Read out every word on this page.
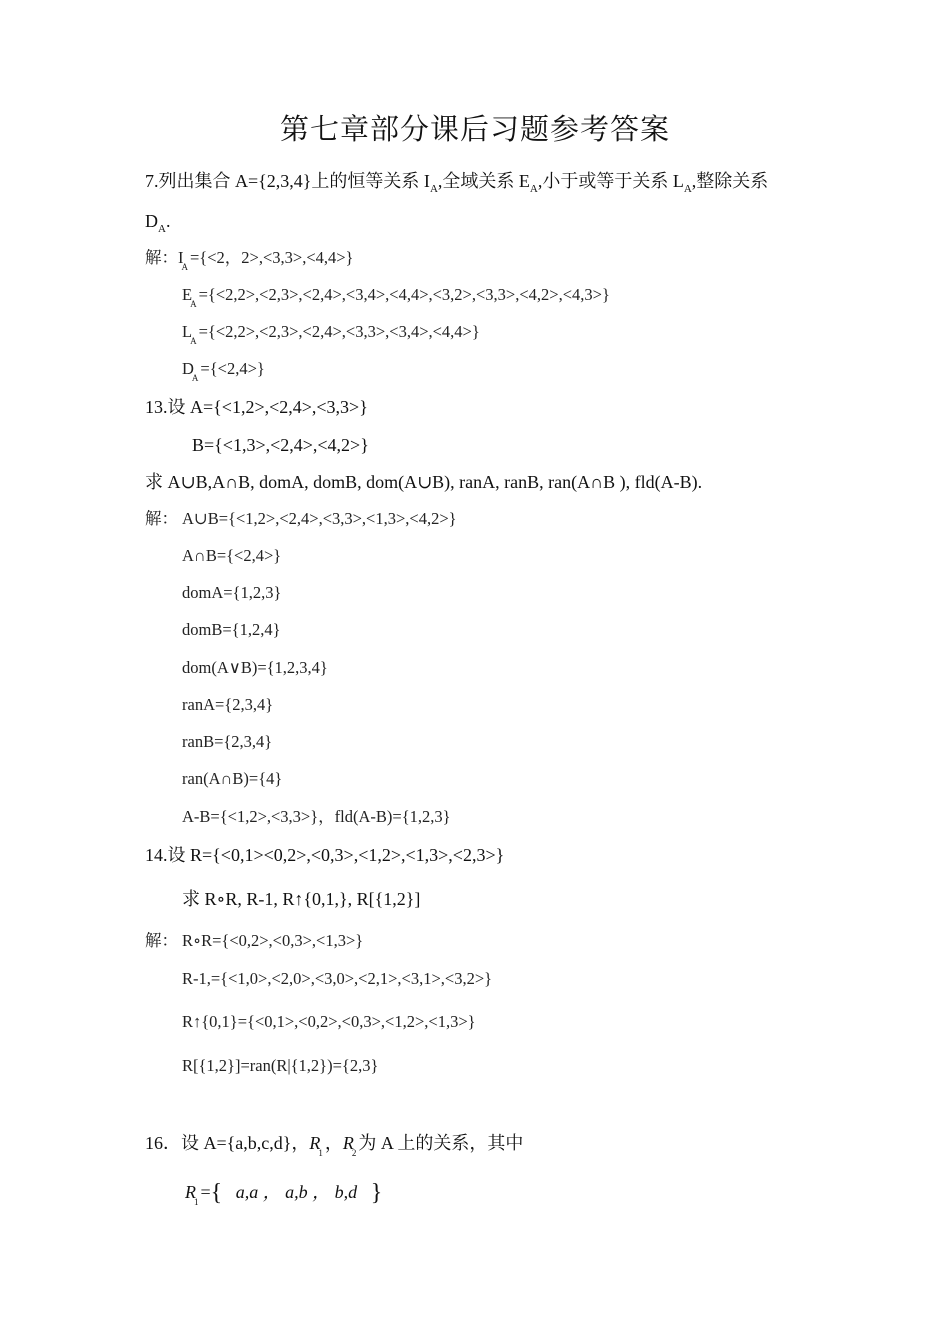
第七章部分课后习题参考答案
7.列出集合 A={2,3,4}上的恒等关系 $I_A$,全域关系 $E_A$,小于或等于关系 $L_A$,整除关系
$D_A$.
解：$I_A =\{<2$，2>,<3,3>,<4,4>}
$E_A =\{<2,2>,<2,3>,<2,4>,<3,4>,<4,4>,<3,2>,<3,3>,<4,2>,<4,3>\}$
$L_A =\{<2,2>,<2,3>,<2,4>,<3,3>,<3,4>,<4,4>\}$
$D_A =\{<2,4>\}$
13.设 A={<1,2>,<2,4>,<3,3>}
B={<1,3>,<2,4>,<4,2>}
求 A∪B,A∩B, domA, domB, dom(A∪B), ranA, ranB, ran(A∩B ), fld(A-B).
解： A∪B={<1,2>,<2,4>,<3,3>,<1,3>,<4,2>}
A∩B={<2,4>}
domA={1,2,3}
domB={1,2,4}
dom(A∨B)={1,2,3,4}
ranA={2,3,4}
ranB={2,3,4}
ran(A∩B)={4}
A-B={<1,2>,<3,3>}，fld(A-B)={1,2,3}
14.设 R={<0,1><0,2>,<0,3>,<1,2>,<1,3>,<2,3>}
求 R∘R, R-1, R↑{0,1,}, R[{1,2}]
解： R∘R={<0,2>,<0,3>,<1,3>}
R-1,={<1,0>,<2,0>,<3,0>,<2,1>,<3,1>,<3,2>}
R↑{0,1}={<0,1>,<0,2>,<0,3>,<1,2>,<1,3>}
R[{1,2}]=ran(R|{1,2})={2,3}
16．设 A={a,b,c,d}，$R_1$ ，$R_2$ 为 A 上的关系，其中
$R_1$ ={ a,a ， a,b ， b,d }
